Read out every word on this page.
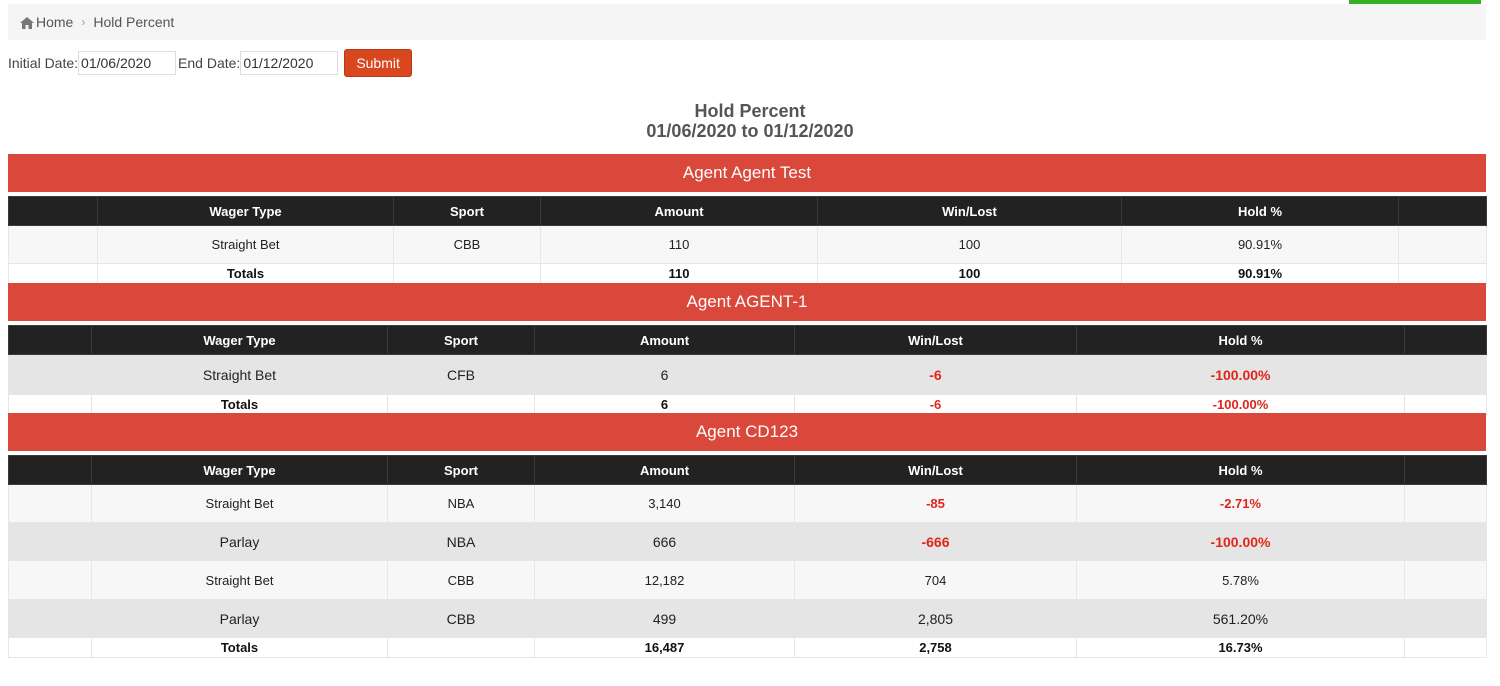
Home › Hold Percent
Initial Date:
01/06/2020	End Date:
01/12/2020	Submit
Hold Percent
01/06/2020 to 01/12/2020
Agent Agent Test
	Wager Type	Sport	Amount	Win/Lost	Hold %	
	Straight Bet	CBB	110	100	90.91%	
	Totals		110	100	90.91%	
Agent AGENT-1
	Wager Type	Sport	Amount	Win/Lost	Hold %	
	Straight Bet	CFB	6	-6	-100.00%	
	Totals		6	-6	-100.00%	
Agent CD123
	Wager Type	Sport	Amount	Win/Lost	Hold %	
	Straight Bet	NBA	3,140	-85	-2.71%	
	Parlay	NBA	666	-666	-100.00%	
	Straight Bet	CBB	12,182	704	5.78%	
	Parlay	CBB	499	2,805	561.20%	
	Totals		16,487	2,758	16.73%	
